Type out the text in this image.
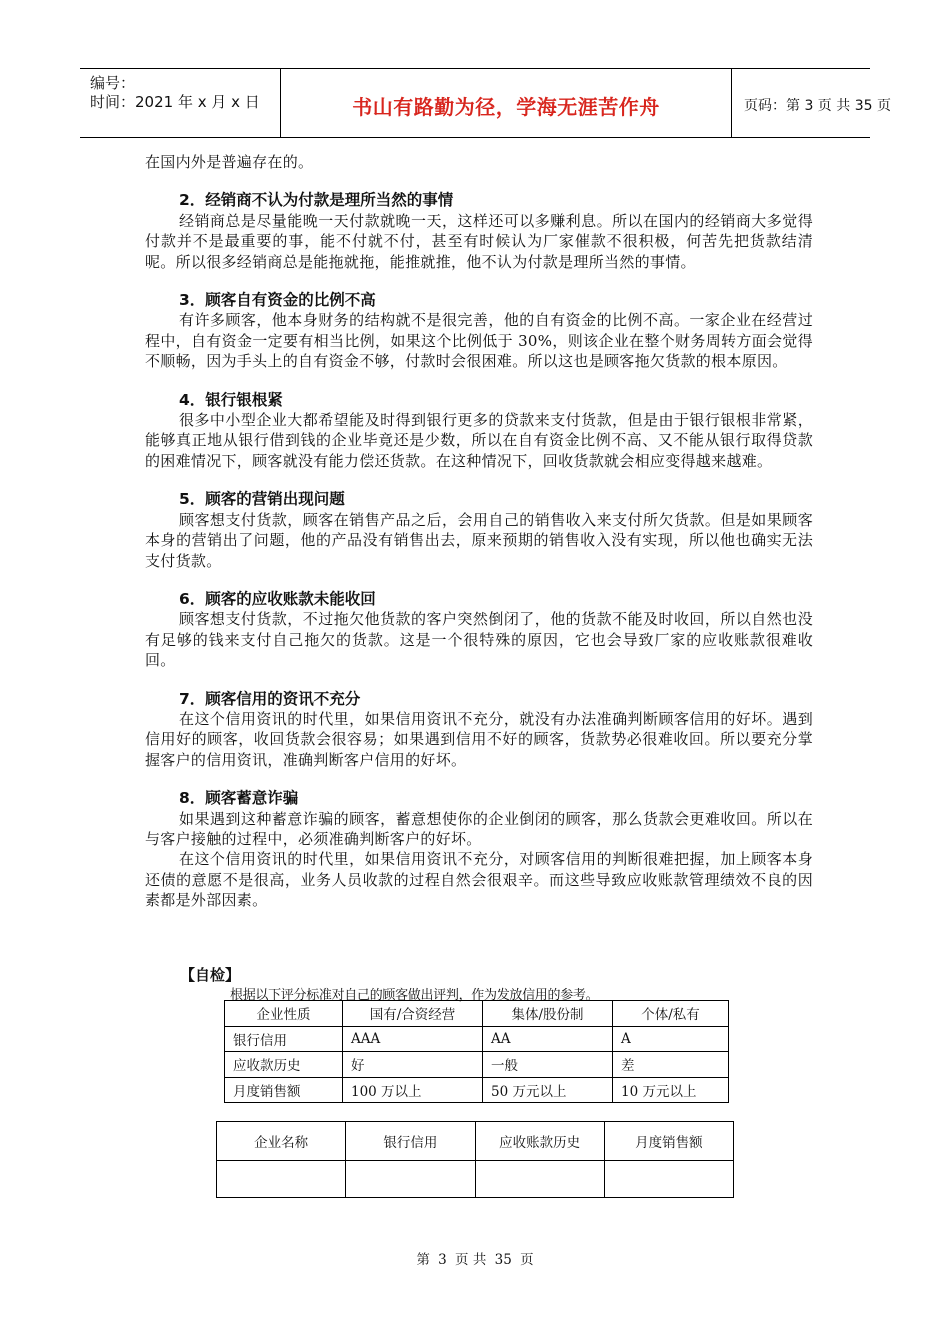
编号：
时间：2021 年 x 月 x 日	书山有路勤为径，学海无涯苦作舟	页码：第 3 页 共 35 页

在国内外是普遍存在的。

2．经销商不认为付款是理所当然的事情

经销商总是尽量能晚一天付款就晚一天，这样还可以多赚利息。所以在国内的经销商大多觉得付款并不是最重要的事，能不付就不付，甚至有时候认为厂家催款不很积极，何苦先把货款结清呢。所以很多经销商总是能拖就拖，能推就推，他不认为付款是理所当然的事情。

3．顾客自有资金的比例不高

有许多顾客，他本身财务的结构就不是很完善，他的自有资金的比例不高。一家企业在经营过程中，自有资金一定要有相当比例，如果这个比例低于 30%，则该企业在整个财务周转方面会觉得不顺畅，因为手头上的自有资金不够，付款时会很困难。所以这也是顾客拖欠货款的根本原因。

4．银行银根紧

很多中小型企业大都希望能及时得到银行更多的贷款来支付货款，但是由于银行银根非常紧，能够真正地从银行借到钱的企业毕竟还是少数，所以在自有资金比例不高、又不能从银行取得贷款的困难情况下，顾客就没有能力偿还货款。在这种情况下，回收货款就会相应变得越来越难。

5．顾客的营销出现问题

顾客想支付货款，顾客在销售产品之后，会用自己的销售收入来支付所欠货款。但是如果顾客本身的营销出了问题，他的产品没有销售出去，原来预期的销售收入没有实现，所以他也确实无法支付货款。

6．顾客的应收账款未能收回

顾客想支付货款，不过拖欠他货款的客户突然倒闭了，他的货款不能及时收回，所以自然也没有足够的钱来支付自己拖欠的货款。这是一个很特殊的原因，它也会导致厂家的应收账款很难收回。

7．顾客信用的资讯不充分

在这个信用资讯的时代里，如果信用资讯不充分，就没有办法准确判断顾客信用的好坏。遇到信用好的顾客，收回货款会很容易；如果遇到信用不好的顾客，货款势必很难收回。所以要充分掌握客户的信用资讯，准确判断客户信用的好坏。

8．顾客蓄意诈骗

如果遇到这种蓄意诈骗的顾客，蓄意想使你的企业倒闭的顾客，那么货款会更难收回。所以在与客户接触的过程中，必须准确判断客户的好坏。

在这个信用资讯的时代里，如果信用资讯不充分，对顾客信用的判断很难把握，加上顾客本身还债的意愿不是很高，业务人员收款的过程自然会很艰辛。而这些导致应收账款管理绩效不良的因素都是外部因素。

【自检】
根据以下评分标准对自己的顾客做出评判，作为发放信用的参考。
企业性质	国有/合资经营	集体/股份制	个体/私有
银行信用	AAA	AA	A
应收款历史	好	一般	差
月度销售额	100 万以上	50 万元以上	10 万元以上
企业名称	银行信用	应收账款历史	月度销售额

第 3 页 共 35 页
